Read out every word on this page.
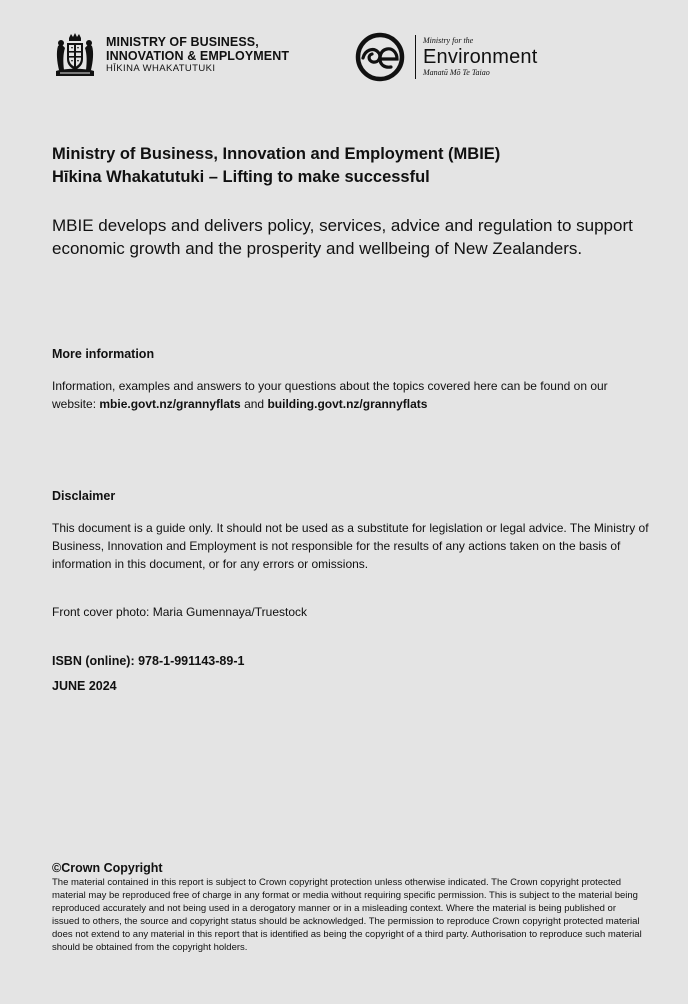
MINISTRY OF BUSINESS,
INNOVATION & EMPLOYMENT
HĪKINA WHAKATUTUKI
Ministry for the
Environment
Manatū Mō Te Taiao
Ministry of Business, Innovation and Employment (MBIE)
Hīkina Whakatutuki – Lifting to make successful
MBIE develops and delivers policy, services, advice and regulation to support economic growth and the prosperity and wellbeing of New Zealanders.
More information
Information, examples and answers to your questions about the topics covered here can be found on our website: mbie.govt.nz/grannyflats and building.govt.nz/grannyflats
Disclaimer
This document is a guide only. It should not be used as a substitute for legislation or legal advice. The Ministry of Business, Innovation and Employment is not responsible for the results of any actions taken on the basis of information in this document, or for any errors or omissions.
Front cover photo: Maria Gumennaya/Truestock
ISBN (online): 978-1-991143-89-1
JUNE 2024
©Crown Copyright
The material contained in this report is subject to Crown copyright protection unless otherwise indicated. The Crown copyright protected material may be reproduced free of charge in any format or media without requiring specific permission. This is subject to the material being reproduced accurately and not being used in a derogatory manner or in a misleading context. Where the material is being published or issued to others, the source and copyright status should be acknowledged. The permission to reproduce Crown copyright protected material does not extend to any material in this report that is identified as being the copyright of a third party. Authorisation to reproduce such material should be obtained from the copyright holders.
